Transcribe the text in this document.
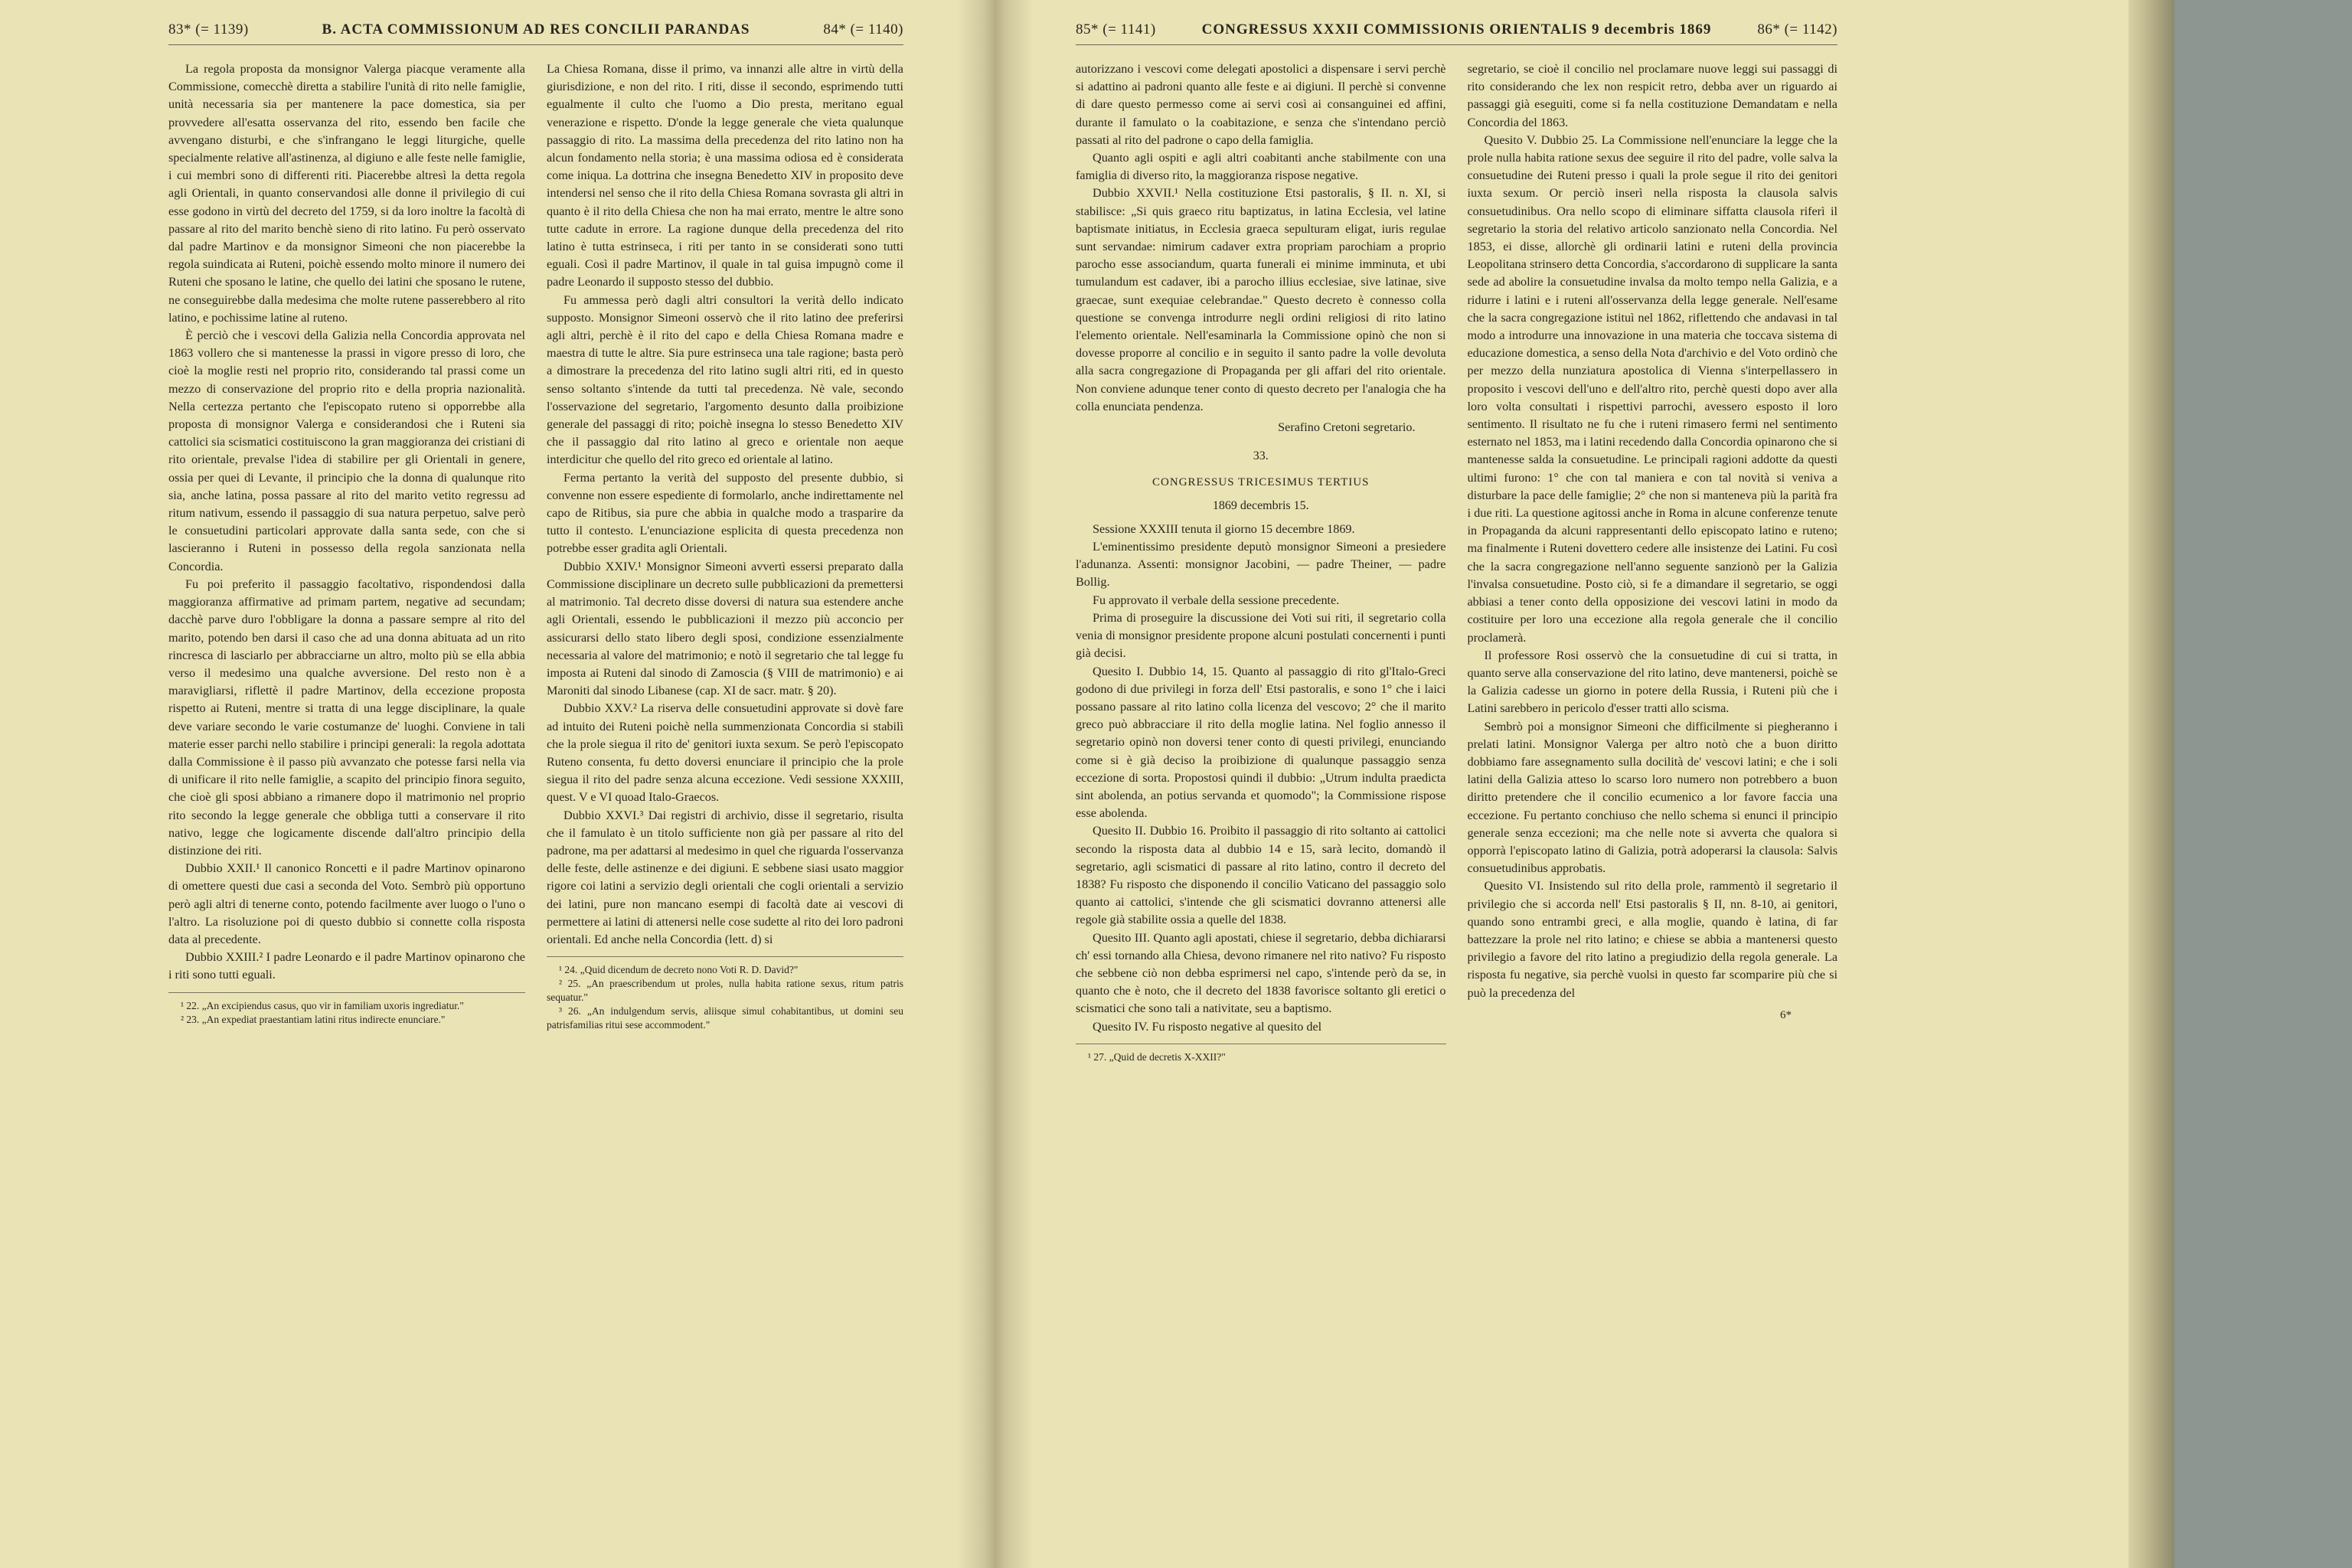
83* (= 1139)	B. ACTA COMMISSIONUM AD RES CONCILII PARANDAS	84* (= 1140)

La regola proposta da monsignor Valerga piacque veramente alla Commissione, comecchè diretta a stabilire l'unità di rito nelle famiglie, unità necessaria sia per mantenere la pace domestica, sia per provvedere all'esatta osservanza del rito, essendo ben facile che avvengano disturbi, e che s'infrangano le leggi liturgiche, quelle specialmente relative all'astinenza, al digiuno e alle feste nelle famiglie, i cui membri sono di differenti riti. Piacerebbe altresì la detta regola agli Orientali, in quanto conservandosi alle donne il privilegio di cui esse godono in virtù del decreto del 1759, si da loro inoltre la facoltà di passare al rito del marito benchè sieno di rito latino. Fu però osservato dal padre Martinov e da monsignor Simeoni che non piacerebbe la regola suindicata ai Ruteni, poichè essendo molto minore il numero dei Ruteni che sposano le latine, che quello dei latini che sposano le rutene, ne conseguirebbe dalla medesima che molte rutene passerebbero al rito latino, e pochissime latine al ruteno.

È perciò che i vescovi della Galizia nella Concordia approvata nel 1863 vollero che si mantenesse la prassi in vigore presso di loro, che cioè la moglie resti nel proprio rito, considerando tal prassi come un mezzo di conservazione del proprio rito e della propria nazionalità. Nella certezza pertanto che l'episcopato ruteno si opporrebbe alla proposta di monsignor Valerga e considerandosi che i Ruteni sia cattolici sia scismatici costituiscono la gran maggioranza dei cristiani di rito orientale, prevalse l'idea di stabilire per gli Orientali in genere, ossia per quei di Levante, il principio che la donna di qualunque rito sia, anche latina, possa passare al rito del marito vetito regressu ad ritum nativum, essendo il passaggio di sua natura perpetuo, salve però le consuetudini particolari approvate dalla santa sede, con che si lascieranno i Ruteni in possesso della regola sanzionata nella Concordia.

Fu poi preferito il passaggio facoltativo, rispondendosi dalla maggioranza affirmative ad primam partem, negative ad secundam; dacchè parve duro l'obbligare la donna a passare sempre al rito del marito, potendo ben darsi il caso che ad una donna abituata ad un rito rincresca di lasciarlo per abbracciarne un altro, molto più se ella abbia verso il medesimo una qualche avversione. Del resto non è a maravigliarsi, riflettè il padre Martinov, della eccezione proposta rispetto ai Ruteni, mentre si tratta di una legge disciplinare, la quale deve variare secondo le varie costumanze de' luoghi. Conviene in tali materie esser parchi nello stabilire i principi generali: la regola adottata dalla Commissione è il passo più avvanzato che potesse farsi nella via di unificare il rito nelle famiglie, a scapito del principio finora seguito, che cioè gli sposi abbiano a rimanere dopo il matrimonio nel proprio rito secondo la legge generale che obbliga tutti a conservare il rito nativo, legge che logicamente discende dall'altro principio della distinzione dei riti.

Dubbio XXII.¹ Il canonico Roncetti e il padre Martinov opinarono di omettere questi due casi a seconda del Voto. Sembrò più opportuno però agli altri di tenerne conto, potendo facilmente aver luogo o l'uno o l'altro. La risoluzione poi di questo dubbio si connette colla risposta data al precedente.

Dubbio XXIII.² I padre Leonardo e il padre Martinov opinarono che i riti sono tutti eguali.

¹ 22. „An excipiendus casus, quo vir in familiam uxoris ingrediatur."
² 23. „An expediat praestantiam latini ritus indirecte enunciare."

La Chiesa Romana, disse il primo, va innanzi alle altre in virtù della giurisdizione, e non del rito. I riti, disse il secondo, esprimendo tutti egualmente il culto che l'uomo a Dio presta, meritano egual venerazione e rispetto. D'onde la legge generale che vieta qualunque passaggio di rito. La massima della precedenza del rito latino non ha alcun fondamento nella storia; è una massima odiosa ed è considerata come iniqua. La dottrina che insegna Benedetto XIV in proposito deve intendersi nel senso che il rito della Chiesa Romana sovrasta gli altri in quanto è il rito della Chiesa che non ha mai errato, mentre le altre sono tutte cadute in errore. La ragione dunque della precedenza del rito latino è tutta estrinseca, i riti per tanto in se considerati sono tutti eguali. Così il padre Martinov, il quale in tal guisa impugnò come il padre Leonardo il supposto stesso del dubbio.

Fu ammessa però dagli altri consultori la verità dello indicato supposto. Monsignor Simeoni osservò che il rito latino dee preferirsi agli altri, perchè è il rito del capo e della Chiesa Romana madre e maestra di tutte le altre. Sia pure estrinseca una tale ragione; basta però a dimostrare la precedenza del rito latino sugli altri riti, ed in questo senso soltanto s'intende da tutti tal precedenza. Nè vale, secondo l'osservazione del segretario, l'argomento desunto dalla proibizione generale del passaggi di rito; poichè insegna lo stesso Benedetto XIV che il passaggio dal rito latino al greco e orientale non aeque interdicitur che quello del rito greco ed orientale al latino.

Ferma pertanto la verità del supposto del presente dubbio, si convenne non essere espediente di formolarlo, anche indirettamente nel capo de Ritibus, sia pure che abbia in qualche modo a trasparire da tutto il contesto. L'enunciazione esplicita di questa precedenza non potrebbe esser gradita agli Orientali.

Dubbio XXIV.¹ Monsignor Simeoni avvertì essersi preparato dalla Commissione disciplinare un decreto sulle pubblicazioni da premettersi al matrimonio. Tal decreto disse doversi di natura sua estendere anche agli Orientali, essendo le pubblicazioni il mezzo più acconcio per assicurarsi dello stato libero degli sposi, condizione essenzialmente necessaria al valore del matrimonio; e notò il segretario che tal legge fu imposta ai Ruteni dal sinodo di Zamoscia (§ VIII de matrimonio) e ai Maroniti dal sinodo Libanese (cap. XI de sacr. matr. § 20).

Dubbio XXV.² La riserva delle consuetudini approvate si dovè fare ad intuito dei Ruteni poichè nella summenzionata Concordia si stabilì che la prole siegua il rito de' genitori iuxta sexum. Se però l'episcopato Ruteno consenta, fu detto doversi enunciare il principio che la prole siegua il rito del padre senza alcuna eccezione. Vedi sessione XXXIII, quest. V e VI quoad Italo-Graecos.

Dubbio XXVI.³ Dai registri di archivio, disse il segretario, risulta che il famulato è un titolo sufficiente non già per passare al rito del padrone, ma per adattarsi al medesimo in quel che riguarda l'osservanza delle feste, delle astinenze e dei digiuni. E sebbene siasi usato maggior rigore coi latini a servizio degli orientali che cogli orientali a servizio dei latini, pure non mancano esempi di facoltà date ai vescovi di permettere ai latini di attenersi nelle cose sudette al rito dei loro padroni orientali. Ed anche nella Concordia (lett. d) si

¹ 24. „Quid dicendum de decreto nono Voti R. D. David?"
² 25. „An praescribendum ut proles, nulla habita ratione sexus, ritum patris sequatur."
³ 26. „An indulgendum servis, aliisque simul cohabitantibus, ut domini seu patrisfamilias ritui sese accommodent."
85* (= 1141)	CONGRESSUS XXXII COMMISSIONIS ORIENTALIS 9 decembris 1869	86* (= 1142)

autorizzano i vescovi come delegati apostolici a dispensare i servi perchè si adattino ai padroni quanto alle feste e ai digiuni. Il perchè si convenne di dare questo permesso come ai servi così ai consanguinei ed affini, durante il famulato o la coabitazione, e senza che s'intendano perciò passati al rito del padrone o capo della famiglia.

Quanto agli ospiti e agli altri coabitanti anche stabilmente con una famiglia di diverso rito, la maggioranza rispose negative.

Dubbio XXVII.¹ Nella costituzione Etsi pastoralis, § II. n. XI, si stabilisce: „Si quis graeco ritu baptizatus, in latina Ecclesia, vel latine baptismate initiatus, in Ecclesia graeca sepulturam eligat, iuris regulae sunt servandae: nimirum cadaver extra propriam parochiam a proprio parocho esse associandum, quarta funerali ei minime imminuta, et ubi tumulandum est cadaver, ibi a parocho illius ecclesiae, sive latinae, sive graecae, sunt exequiae celebrandae." Questo decreto è connesso colla questione se convenga introdurre negli ordini religiosi di rito latino l'elemento orientale. Nell'esaminarla la Commissione opinò che non si dovesse proporre al concilio e in seguito il santo padre la volle devoluta alla sacra congregazione di Propaganda per gli affari del rito orientale. Non conviene adunque tener conto di questo decreto per l'analogia che ha colla enunciata pendenza.

Serafino Cretoni segretario.
33.
CONGRESSUS TRICESIMUS TERTIUS
1869 decembris 15.

Sessione XXXIII tenuta il giorno 15 decembre 1869.

L'eminentissimo presidente deputò monsignor Simeoni a presiedere l'adunanza. Assenti: monsignor Jacobini, — padre Theiner, — padre Bollig.

Fu approvato il verbale della sessione precedente.

Prima di proseguire la discussione dei Voti sui riti, il segretario colla venia di monsignor presidente propone alcuni postulati concernenti i punti già decisi.

Quesito I. Dubbio 14, 15. Quanto al passaggio di rito gl'Italo-Greci godono di due privilegi in forza dell' Etsi pastoralis, e sono 1° che i laici possano passare al rito latino colla licenza del vescovo; 2° che il marito greco può abbracciare il rito della moglie latina. Nel foglio annesso il segretario opinò non doversi tener conto di questi privilegi, enunciando come si è già deciso la proibizione di qualunque passaggio senza eccezione di sorta. Propostosi quindi il dubbio: „Utrum indulta praedicta sint abolenda, an potius servanda et quomodo"; la Commissione rispose esse abolenda.

Quesito II. Dubbio 16. Proibito il passaggio di rito soltanto ai cattolici secondo la risposta data al dubbio 14 e 15, sarà lecito, domandò il segretario, agli scismatici di passare al rito latino, contro il decreto del 1838? Fu risposto che disponendo il concilio Vaticano del passaggio solo quanto ai cattolici, s'intende che gli scismatici dovranno attenersi alle regole già stabilite ossia a quelle del 1838.

Quesito III. Quanto agli apostati, chiese il segretario, debba dichiararsi ch' essi tornando alla Chiesa, devono rimanere nel rito nativo? Fu risposto che sebbene ciò non debba esprimersi nel capo, s'intende però da se, in quanto che è noto, che il decreto del 1838 favorisce soltanto gli eretici o scismatici che sono tali a nativitate, seu a baptismo.

Quesito IV. Fu risposto negative al quesito del

¹ 27. „Quid de decretis X-XXII?"

segretario, se cioè il concilio nel proclamare nuove leggi sui passaggi di rito considerando che lex non respicit retro, debba aver un riguardo ai passaggi già eseguiti, come si fa nella costituzione Demandatam e nella Concordia del 1863.

Quesito V. Dubbio 25. La Commissione nell'enunciare la legge che la prole nulla habita ratione sexus dee seguire il rito del padre, volle salva la consuetudine dei Ruteni presso i quali la prole segue il rito dei genitori iuxta sexum. Or perciò inserì nella risposta la clausola salvis consuetudinibus. Ora nello scopo di eliminare siffatta clausola riferì il segretario la storia del relativo articolo sanzionato nella Concordia. Nel 1853, ei disse, allorchè gli ordinarii latini e ruteni della provincia Leopolitana strinsero detta Concordia, s'accordarono di supplicare la santa sede ad abolire la consuetudine invalsa da molto tempo nella Galizia, e a ridurre i latini e i ruteni all'osservanza della legge generale. Nell'esame che la sacra congregazione istituì nel 1862, riflettendo che andavasi in tal modo a introdurre una innovazione in una materia che toccava sistema di educazione domestica, a senso della Nota d'archivio e del Voto ordinò che per mezzo della nunziatura apostolica di Vienna s'interpellassero in proposito i vescovi dell'uno e dell'altro rito, perchè questi dopo aver alla loro volta consultati i rispettivi parrochi, avessero esposto il loro sentimento. Il risultato ne fu che i ruteni rimasero fermi nel sentimento esternato nel 1853, ma i latini recedendo dalla Concordia opinarono che si mantenesse salda la consuetudine. Le principali ragioni addotte da questi ultimi furono: 1° che con tal maniera e con tal novità si veniva a disturbare la pace delle famiglie; 2° che non si manteneva più la parità fra i due riti. La questione agitossi anche in Roma in alcune conferenze tenute in Propaganda da alcuni rappresentanti dello episcopato latino e ruteno; ma finalmente i Ruteni dovettero cedere alle insistenze dei Latini. Fu così che la sacra congregazione nell'anno seguente sanzionò per la Galizia l'invalsa consuetudine. Posto ciò, si fe a dimandare il segretario, se oggi abbiasi a tener conto della opposizione dei vescovi latini in modo da costituire per loro una eccezione alla regola generale che il concilio proclamerà.

Il professore Rosi osservò che la consuetudine di cui si tratta, in quanto serve alla conservazione del rito latino, deve mantenersi, poichè se la Galizia cadesse un giorno in potere della Russia, i Ruteni più che i Latini sarebbero in pericolo d'esser tratti allo scisma.

Sembrò poi a monsignor Simeoni che difficilmente si piegheranno i prelati latini. Monsignor Valerga per altro notò che a buon diritto dobbiamo fare assegnamento sulla docilità de' vescovi latini; e che i soli latini della Galizia atteso lo scarso loro numero non potrebbero a buon diritto pretendere che il concilio ecumenico a lor favore faccia una eccezione. Fu pertanto conchiuso che nello schema si enunci il principio generale senza eccezioni; ma che nelle note si avverta che qualora si opporrà l'episcopato latino di Galizia, potrà adoperarsi la clausola: Salvis consuetudinibus approbatis.

Quesito VI. Insistendo sul rito della prole, rammentò il segretario il privilegio che si accorda nell' Etsi pastoralis § II, nn. 8-10, ai genitori, quando sono entrambi greci, e alla moglie, quando è latina, di far battezzare la prole nel rito latino; e chiese se abbia a mantenersi questo privilegio a favore del rito latino a pregiudizio della regola generale. La risposta fu negative, sia perchè vuolsi in questo far scomparire più che si può la precedenza del

6*
